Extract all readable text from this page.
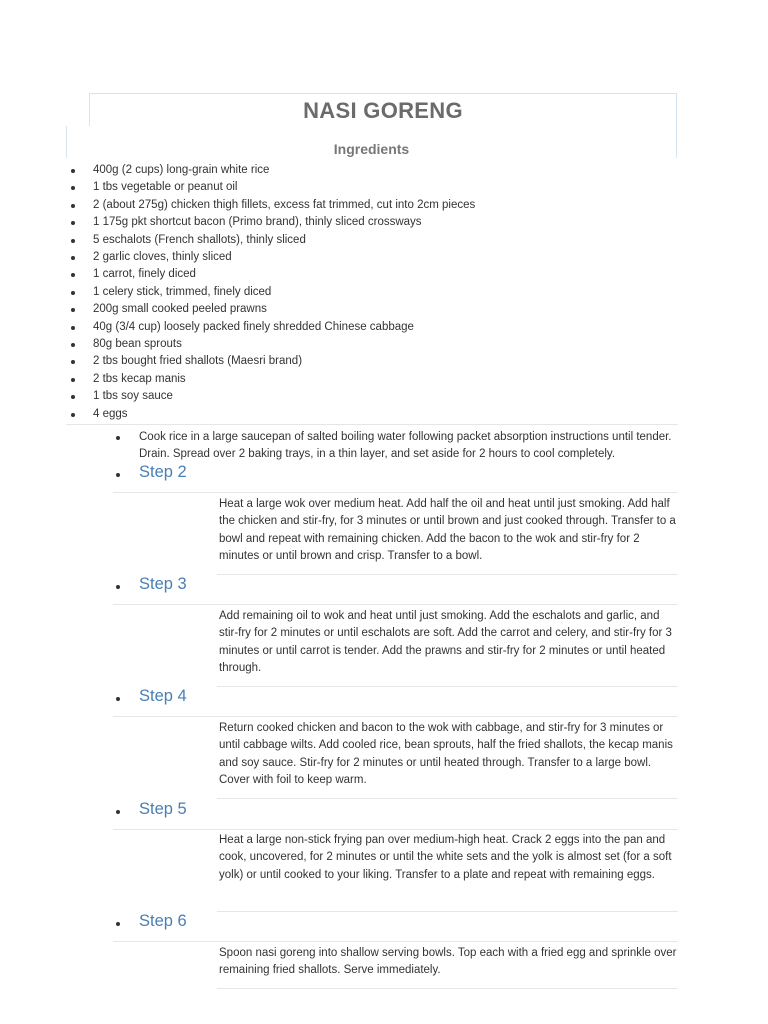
NASI GORENG
Ingredients
400g (2 cups) long-grain white rice
1 tbs vegetable or peanut oil
2 (about 275g) chicken thigh fillets, excess fat trimmed, cut into 2cm pieces
1 175g pkt shortcut bacon (Primo brand), thinly sliced crossways
5 eschalots (French shallots), thinly sliced
2 garlic cloves, thinly sliced
1 carrot, finely diced
1 celery stick, trimmed, finely diced
200g small cooked peeled prawns
40g (3/4 cup) loosely packed finely shredded Chinese cabbage
80g bean sprouts
2 tbs bought fried shallots (Maesri brand)
2 tbs kecap manis
1 tbs soy sauce
4 eggs

Cook rice in a large saucepan of salted boiling water following packet absorption instructions until tender. Drain. Spread over 2 baking trays, in a thin layer, and set aside for 2 hours to cool completely.

Step 2

Heat a large wok over medium heat. Add half the oil and heat until just smoking. Add half the chicken and stir-fry, for 3 minutes or until brown and just cooked through. Transfer to a bowl and repeat with remaining chicken. Add the bacon to the wok and stir-fry for 2 minutes or until brown and crisp. Transfer to a bowl.

Step 3

Add remaining oil to wok and heat until just smoking. Add the eschalots and garlic, and stir-fry for 2 minutes or until eschalots are soft. Add the carrot and celery, and stir-fry for 3 minutes or until carrot is tender. Add the prawns and stir-fry for 2 minutes or until heated through.

Step 4

Return cooked chicken and bacon to the wok with cabbage, and stir-fry for 3 minutes or until cabbage wilts. Add cooled rice, bean sprouts, half the fried shallots, the kecap manis and soy sauce. Stir-fry for 2 minutes or until heated through. Transfer to a large bowl. Cover with foil to keep warm.

Step 5

Heat a large non-stick frying pan over medium-high heat. Crack 2 eggs into the pan and cook, uncovered, for 2 minutes or until the white sets and the yolk is almost set (for a soft yolk) or until cooked to your liking. Transfer to a plate and repeat with remaining eggs.

Step 6

Spoon nasi goreng into shallow serving bowls. Top each with a fried egg and sprinkle over remaining fried shallots. Serve immediately.
